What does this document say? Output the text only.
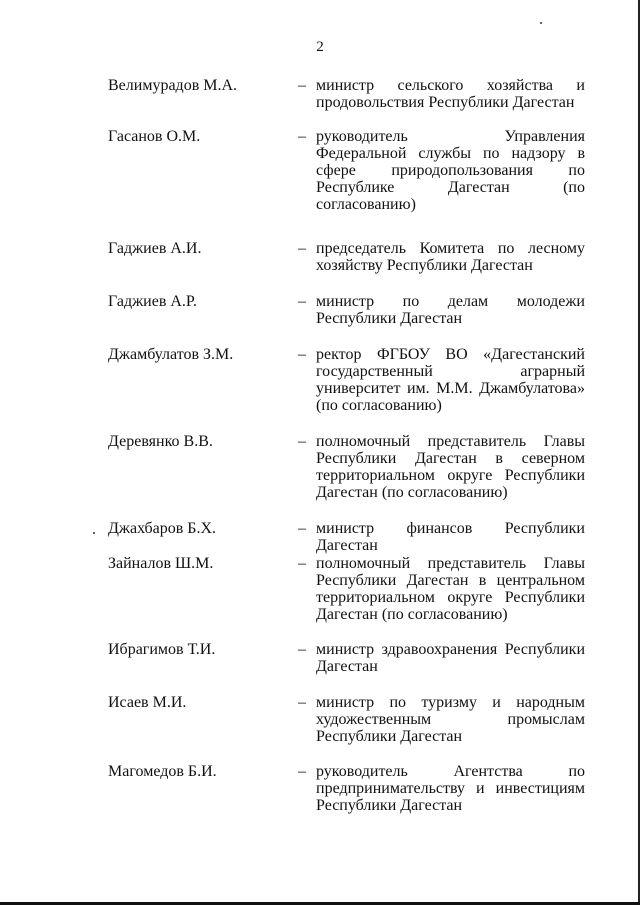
2
Велимурадов М.А.	– министр сельского хозяйства и продовольствия Республики Дагестан
Гасанов О.М.	– руководитель Управления Федеральной службы по надзору в сфере природопользования по Республике Дагестан (по согласованию)
Гаджиев А.И.	– председатель Комитета по лесному хозяйству Республики Дагестан
Гаджиев А.Р.	– министр по делам молодежи Республики Дагестан
Джамбулатов З.М.	– ректор ФГБОУ ВО «Дагестанский государственный аграрный университет им. М.М. Джамбулатова» (по согласованию)
Деревянко В.В.	– полномочный представитель Главы Республики Дагестан в северном территориальном округе Республики Дагестан (по согласованию)
Джахбаров Б.Х.	– министр финансов Республики Дагестан
Зайналов Ш.М.	– полномочный представитель Главы Республики Дагестан в центральном территориальном округе Республики Дагестан (по согласованию)
Ибрагимов Т.И.	– министр здравоохранения Республики Дагестан
Исаев М.И.	– министр по туризму и народным художественным промыслам Республики Дагестан
Магомедов Б.И.	– руководитель Агентства по предпринимательству и инвестициям Республики Дагестан
